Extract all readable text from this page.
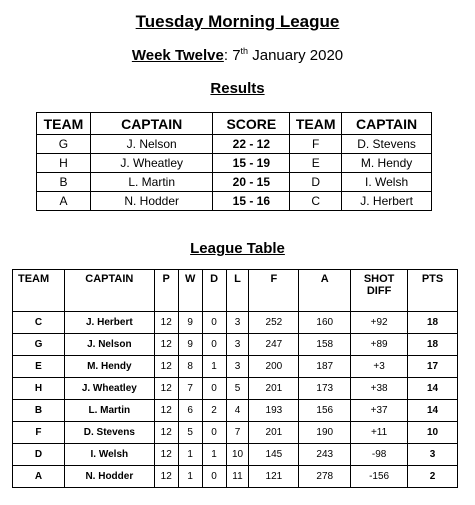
Tuesday Morning League
Week Twelve: 7th January 2020
Results
TEAM	CAPTAIN	SCORE	TEAM	CAPTAIN
G	J. Nelson	22 - 12	F	D. Stevens
H	J. Wheatley	15 - 19	E	M. Hendy
B	L. Martin	20 - 15	D	I. Welsh
A	N. Hodder	15 - 16	C	J. Herbert
League Table
TEAM	CAPTAIN	P	W	D	L	F	A	SHOT DIFF	PTS
C	J. Herbert	12	9	0	3	252	160	+92	18
G	J. Nelson	12	9	0	3	247	158	+89	18
E	M. Hendy	12	8	1	3	200	187	+3	17
H	J. Wheatley	12	7	0	5	201	173	+38	14
B	L. Martin	12	6	2	4	193	156	+37	14
F	D. Stevens	12	5	0	7	201	190	+11	10
D	I. Welsh	12	1	1	10	145	243	-98	3
A	N. Hodder	12	1	0	11	121	278	-156	2
